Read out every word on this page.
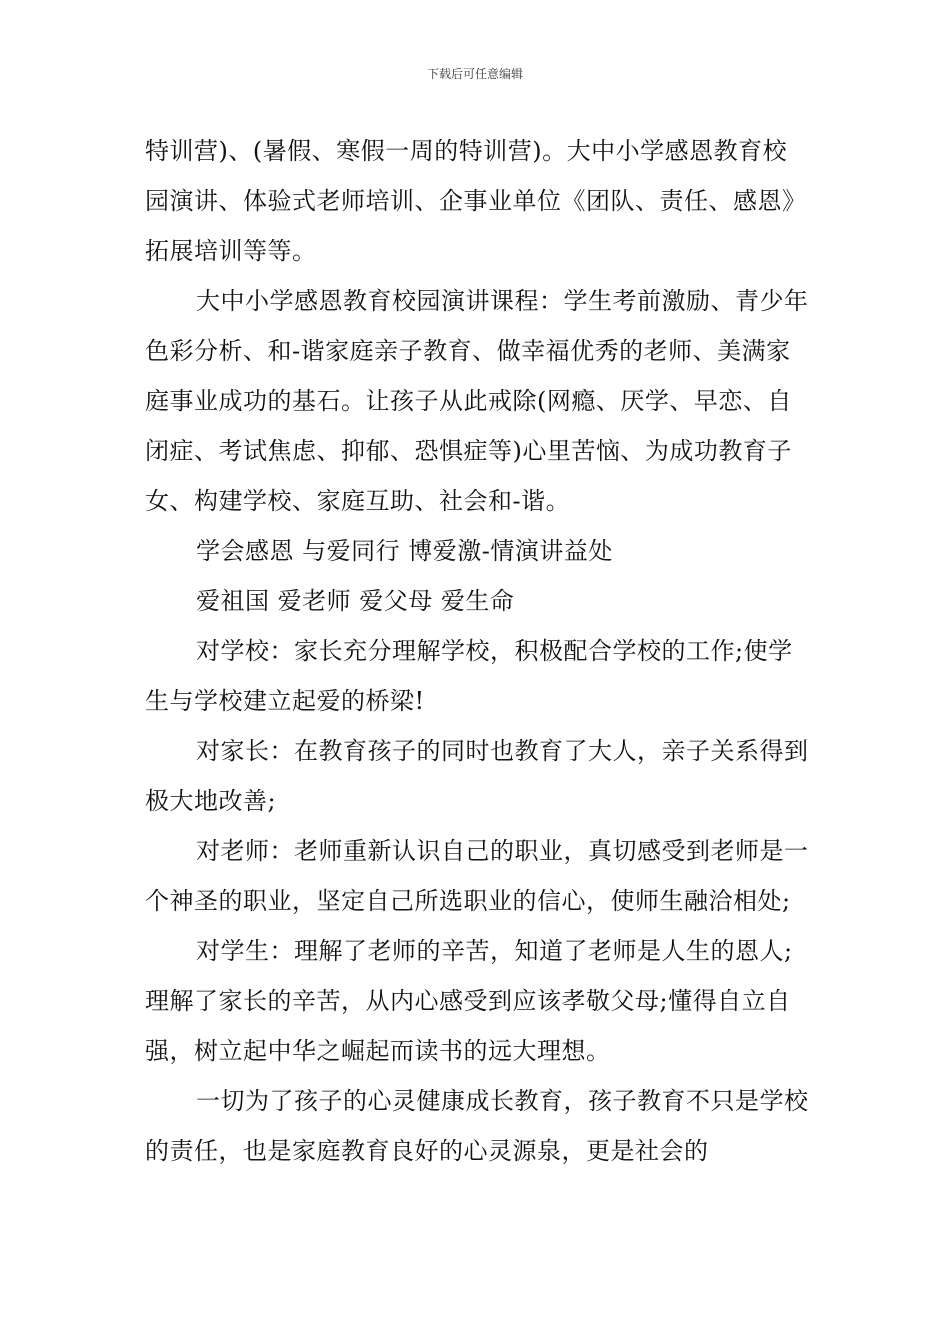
下载后可任意编辑

特训营)、(暑假、寒假一周的特训营)。大中小学感恩教育校园演讲、体验式老师培训、企事业单位《团队、责任、感恩》拓展培训等等。

大中小学感恩教育校园演讲课程：学生考前激励、青少年色彩分析、和-谐家庭亲子教育、做幸福优秀的老师、美满家庭事业成功的基石。让孩子从此戒除(网瘾、厌学、早恋、自闭症、考试焦虑、抑郁、恐惧症等)心里苦恼、为成功教育子女、构建学校、家庭互助、社会和-谐。

学会感恩 与爱同行 博爱激-情演讲益处

爱祖国 爱老师 爱父母 爱生命

对学校：家长充分理解学校，积极配合学校的工作;使学生与学校建立起爱的桥梁!

对家长：在教育孩子的同时也教育了大人，亲子关系得到极大地改善;

对老师：老师重新认识自己的职业，真切感受到老师是一个神圣的职业，坚定自己所选职业的信心，使师生融洽相处;

对学生：理解了老师的辛苦，知道了老师是人生的恩人;理解了家长的辛苦，从内心感受到应该孝敬父母;懂得自立自强，树立起中华之崛起而读书的远大理想。

一切为了孩子的心灵健康成长教育，孩子教育不只是学校的责任，也是家庭教育良好的心灵源泉，更是社会的
